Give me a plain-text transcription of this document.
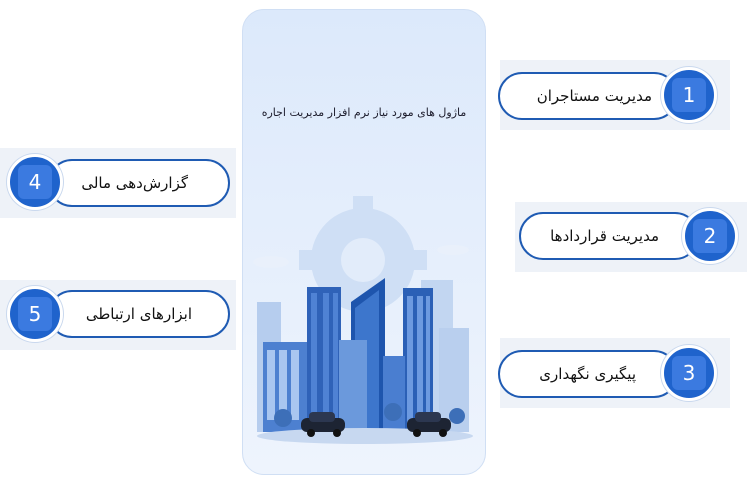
ماژول های مورد نیاز نرم افزار مدیریت اجاره
مدیریت مستاجران 1
مدیریت قراردادها 2
پیگیری نگهداری 3
گزارش‌دهی مالی
4
ابزارهای ارتباطی
5
